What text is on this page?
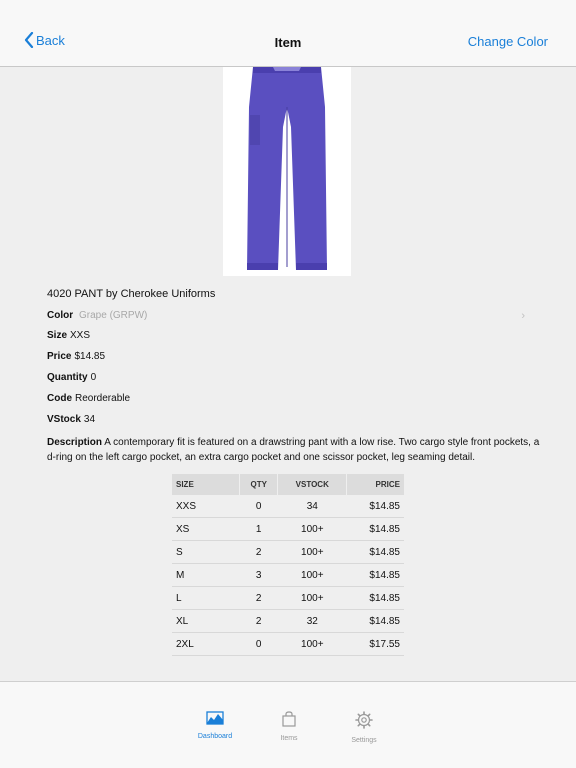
Back	Item	Change Color
4020 PANT by Cherokee Uniforms
Color Grape (GRPW)	›
Size XXS
Price $14.85
Quantity 0
Code Reorderable
VStock 34
Description A contemporary fit is featured on a drawstring pant with a low rise. Two cargo style front pockets, a d-ring on the left cargo pocket, an extra cargo pocket and one scissor pocket, leg seaming detail.
SIZE	QTY	VSTOCK	PRICE
XXS	0	34	$14.85
XS	1	100+	$14.85
S	2	100+	$14.85
M	3	100+	$14.85
L	2	100+	$14.85
XL	2	32	$14.85
2XL	0	100+	$17.55
Dashboard	Items	Settings
